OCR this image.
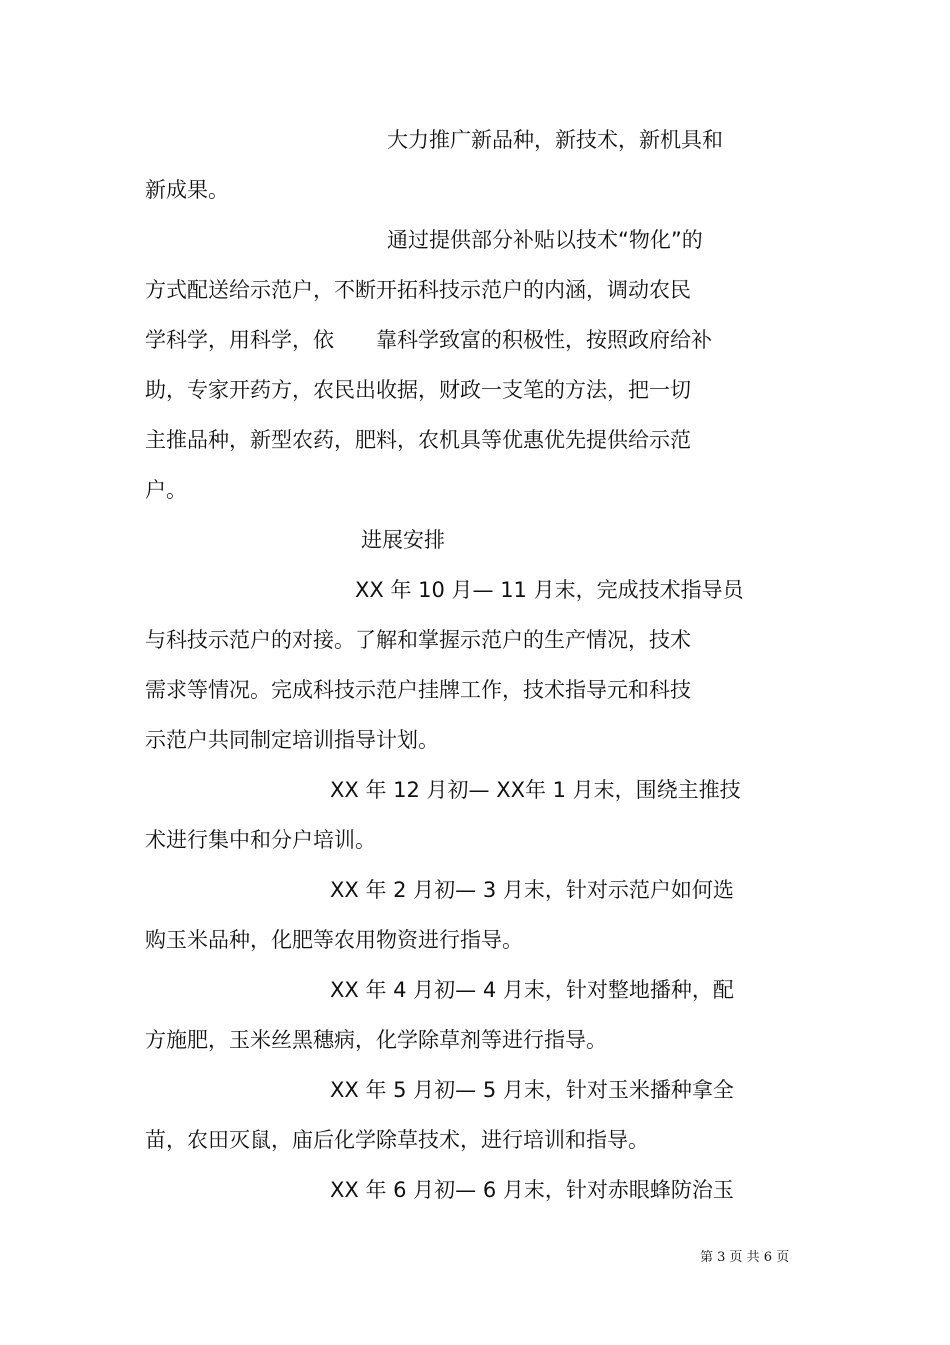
大力推广新品种，新技术，新机具和
新成果。
通过提供部分补贴以技术“物化”的
方式配送给示范户，不断开拓科技示范户的内涵，调动农民
学科学，用科学，依　　靠科学致富的积极性，按照政府给补
助，专家开药方，农民出收据，财政一支笔的方法，把一切
主推品种，新型农药，肥料，农机具等优惠优先提供给示范
户。
进展安排
XX 年 10 月— 11 月末，完成技术指导员
与科技示范户的对接。了解和掌握示范户的生产情况，技术
需求等情况。完成科技示范户挂牌工作，技术指导元和科技
示范户共同制定培训指导计划。
XX 年 12 月初— XX年 1 月末，围绕主推技
术进行集中和分户培训。
XX 年 2 月初— 3 月末，针对示范户如何选
购玉米品种，化肥等农用物资进行指导。
XX 年 4 月初— 4 月末，针对整地播种，配
方施肥，玉米丝黑穗病，化学除草剂等进行指导。
XX 年 5 月初— 5 月末，针对玉米播种拿全
苗，农田灭鼠，庙后化学除草技术，进行培训和指导。
XX 年 6 月初— 6 月末，针对赤眼蜂防治玉
第 3 页 共 6 页
